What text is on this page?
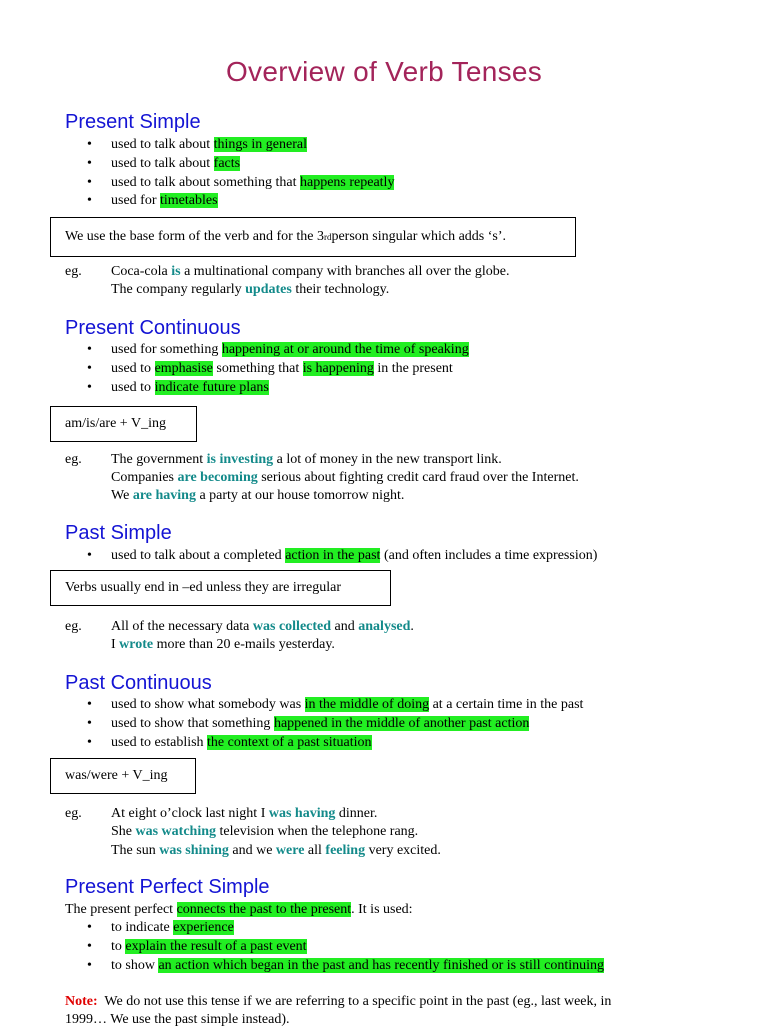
Overview of Verb Tenses
Present Simple
• used to talk about things in general
• used to talk about facts
• used to talk about something that happens repeatly
• used for timetables
We use the base form of the verb and for the 3 rd person singular which adds ‘s’.
eg. Coca-cola is a multinational company with branches all over the globe.
The company regularly updates their technology.
Present Continuous
• used for something happening at or around the time of speaking
• used to emphasise something that is happening in the present
• used to indicate future plans
am/is/are + V_ing
eg. The government is investing a lot of money in the new transport link.
Companies are becoming serious about fighting credit card fraud over the Internet.
We are having a party at our house tomorrow night.
Past Simple
• used to talk about a completed action in the past (and often includes a time expression)
Verbs usually end in –ed unless they are irregular
eg. All of the necessary data was collected and analysed.
I wrote more than 20 e-mails yesterday.
Past Continuous
• used to show what somebody was in the middle of doing at a certain time in the past
• used to show that something happened in the middle of another past action
• used to establish the context of a past situation
was/were + V_ing
eg. At eight o’clock last night I was having dinner.
She was watching television when the telephone rang.
The sun was shining and we were all feeling very excited.
Present Perfect Simple
The present perfect connects the past to the present. It is used:
• to indicate experience
• to explain the result of a past event
• to show an action which began in the past and has recently finished or is still continuing
Note:  We do not use this tense if we are referring to a specific point in the past (eg., last week, in
1999… We use the past simple instead).
